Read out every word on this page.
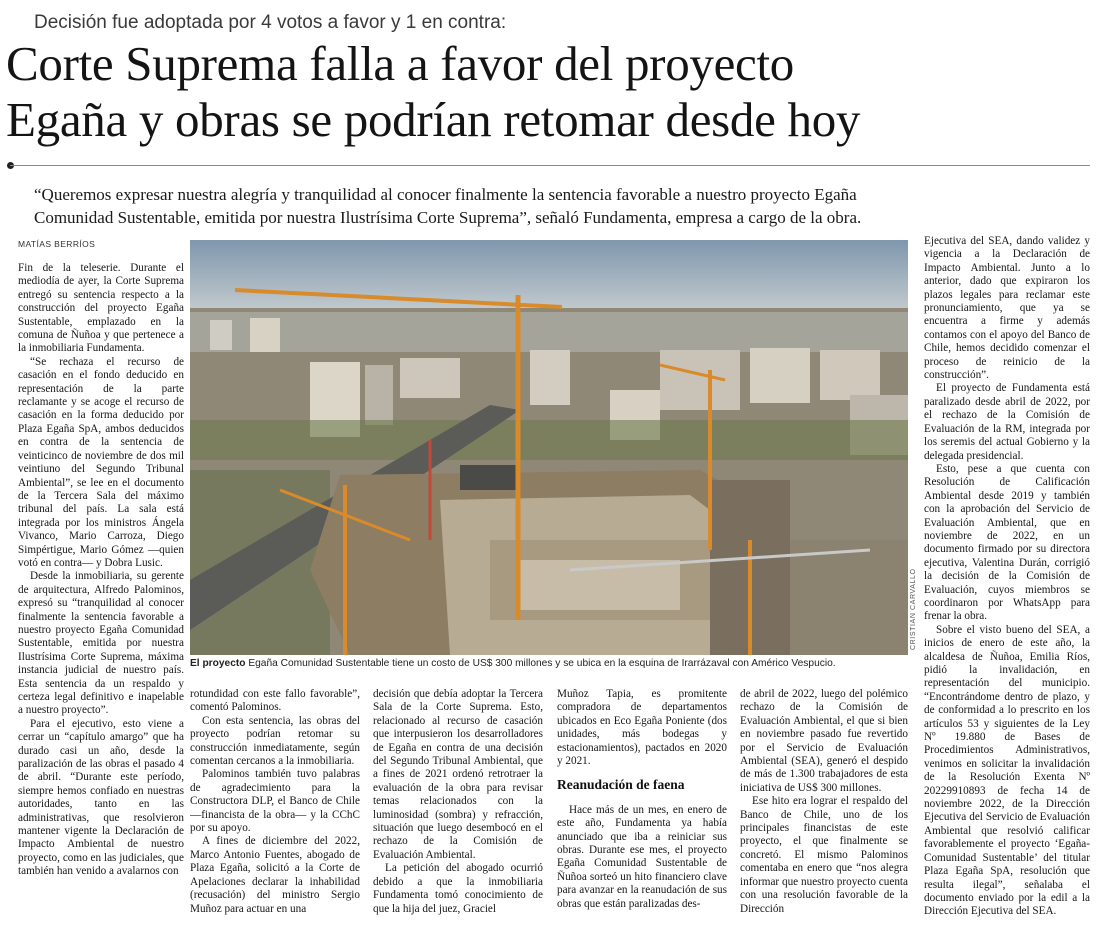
Decisión fue adoptada por 4 votos a favor y 1 en contra:
Corte Suprema falla a favor del proyecto
Egaña y obras se podrían retomar desde hoy
“Queremos expresar nuestra alegría y tranquilidad al conocer finalmente la sentencia favorable a nuestro proyecto Egaña
Comunidad Sustentable, emitida por nuestra Ilustrísima Corte Suprema”, señaló Fundamenta, empresa a cargo de la obra.
MATÍAS BERRÍOS

Fin de la teleserie. Durante el mediodía de ayer, la Corte Suprema entregó su sentencia respecto a la construcción del proyecto Egaña Sustentable, emplazado en la comuna de Ñuñoa y que pertenece a la inmobiliaria Fundamenta.

“Se rechaza el recurso de casación en el fondo deducido en representación de la parte reclamante y se acoge el recurso de casación en la forma deducido por Plaza Egaña SpA, ambos deducidos en contra de la sentencia de veinticinco de noviembre de dos mil veintiuno del Segundo Tribunal Ambiental”, se lee en el documento de la Tercera Sala del máximo tribunal del país. La sala está integrada por los ministros Ángela Vivanco, Mario Carroza, Diego Simpértigue, Mario Gómez —quien votó en contra— y Dobra Lusic.

Desde la inmobiliaria, su gerente de arquitectura, Alfredo Palominos, expresó su “tranquilidad al conocer finalmente la sentencia favorable a nuestro proyecto Egaña Comunidad Sustentable, emitida por nuestra Ilustrísima Corte Suprema, máxima instancia judicial de nuestro país. Esta sentencia da un respaldo y certeza legal definitivo e inapelable a nuestro proyecto”.

Para el ejecutivo, esto viene a cerrar un “capítulo amargo” que ha durado casi un año, desde la paralización de las obras el pasado 4 de abril. “Durante este período, siempre hemos confiado en nuestras autoridades, tanto en las administrativas, que resolvieron mantener vigente la Declaración de Impacto Ambiental de nuestro proyecto, como en las judiciales, que también han venido a avalarnos con

CRISTIAN CARVALLO
El proyecto Egaña Comunidad Sustentable tiene un costo de US$ 300 millones y se ubica en la esquina de Irarrázaval con Américo Vespucio.

rotundidad con este fallo favorable”, comentó Palominos.

Con esta sentencia, las obras del proyecto podrían retomar su construcción inmediatamente, según comentan cercanos a la inmobiliaria.

Palominos también tuvo palabras de agradecimiento para la Constructora DLP, el Banco de Chile —financista de la obra— y la CChC por su apoyo.

A fines de diciembre del 2022, Marco Antonio Fuentes, abogado de Plaza Egaña, solicitó a la Corte de Apelaciones declarar la inhabilidad (recusación) del ministro Sergio Muñoz para actuar en una

decisión que debía adoptar la Tercera Sala de la Corte Suprema. Esto, relacionado al recurso de casación que interpusieron los desarrolladores de Egaña en contra de una decisión del Segundo Tribunal Ambiental, que a fines de 2021 ordenó retrotraer la evaluación de la obra para revisar temas relacionados con la luminosidad (sombra) y refracción, situación que luego desembocó en el rechazo de la Comisión de Evaluación Ambiental.

La petición del abogado ocurrió debido a que la inmobiliaria Fundamenta tomó conocimiento de que la hija del juez, Graciel

Muñoz Tapia, es promitente compradora de departamentos ubicados en Eco Egaña Poniente (dos unidades, más bodegas y estacionamientos), pactados en 2020 y 2021.

Reanudación de faena

Hace más de un mes, en enero de este año, Fundamenta ya había anunciado que iba a reiniciar sus obras. Durante ese mes, el proyecto Egaña Comunidad Sustentable de Ñuñoa sorteó un hito financiero clave para avanzar en la reanudación de sus obras que están paralizadas des-

de abril de 2022, luego del polémico rechazo de la Comisión de Evaluación Ambiental, el que si bien en noviembre pasado fue revertido por el Servicio de Evaluación Ambiental (SEA), generó el despido de más de 1.300 trabajadores de esta iniciativa de US$ 300 millones.

Ese hito era lograr el respaldo del Banco de Chile, uno de los principales financistas de este proyecto, el que finalmente se concretó. El mismo Palominos comentaba en enero que “nos alegra informar que nuestro proyecto cuenta con una resolución favorable de la Dirección

Ejecutiva del SEA, dando validez y vigencia a la Declaración de Impacto Ambiental. Junto a lo anterior, dado que expiraron los plazos legales para reclamar este pronunciamiento, que ya se encuentra a firme y además contamos con el apoyo del Banco de Chile, hemos decidido comenzar el proceso de reinicio de la construcción”.

El proyecto de Fundamenta está paralizado desde abril de 2022, por el rechazo de la Comisión de Evaluación de la RM, integrada por los seremis del actual Gobierno y la delegada presidencial.

Esto, pese a que cuenta con Resolución de Calificación Ambiental desde 2019 y también con la aprobación del Servicio de Evaluación Ambiental, que en noviembre de 2022, en un documento firmado por su directora ejecutiva, Valentina Durán, corrigió la decisión de la Comisión de Evaluación, cuyos miembros se coordinaron por WhatsApp para frenar la obra.

Sobre el visto bueno del SEA, a inicios de enero de este año, la alcaldesa de Ñuñoa, Emilia Ríos, pidió la invalidación, en representación del municipio. “Encontrándome dentro de plazo, y de conformidad a lo prescrito en los artículos 53 y siguientes de la Ley Nº 19.880 de Bases de Procedimientos Administrativos, venimos en solicitar la invalidación de la Resolución Exenta Nº 20229910893 de fecha 14 de noviembre 2022, de la Dirección Ejecutiva del Servicio de Evaluación Ambiental que resolvió calificar favorablemente el proyecto ‘Egaña-Comunidad Sustentable’ del titular Plaza Egaña SpA, resolución que resulta ilegal”, señalaba el documento enviado por la edil a la Dirección Ejecutiva del SEA.
